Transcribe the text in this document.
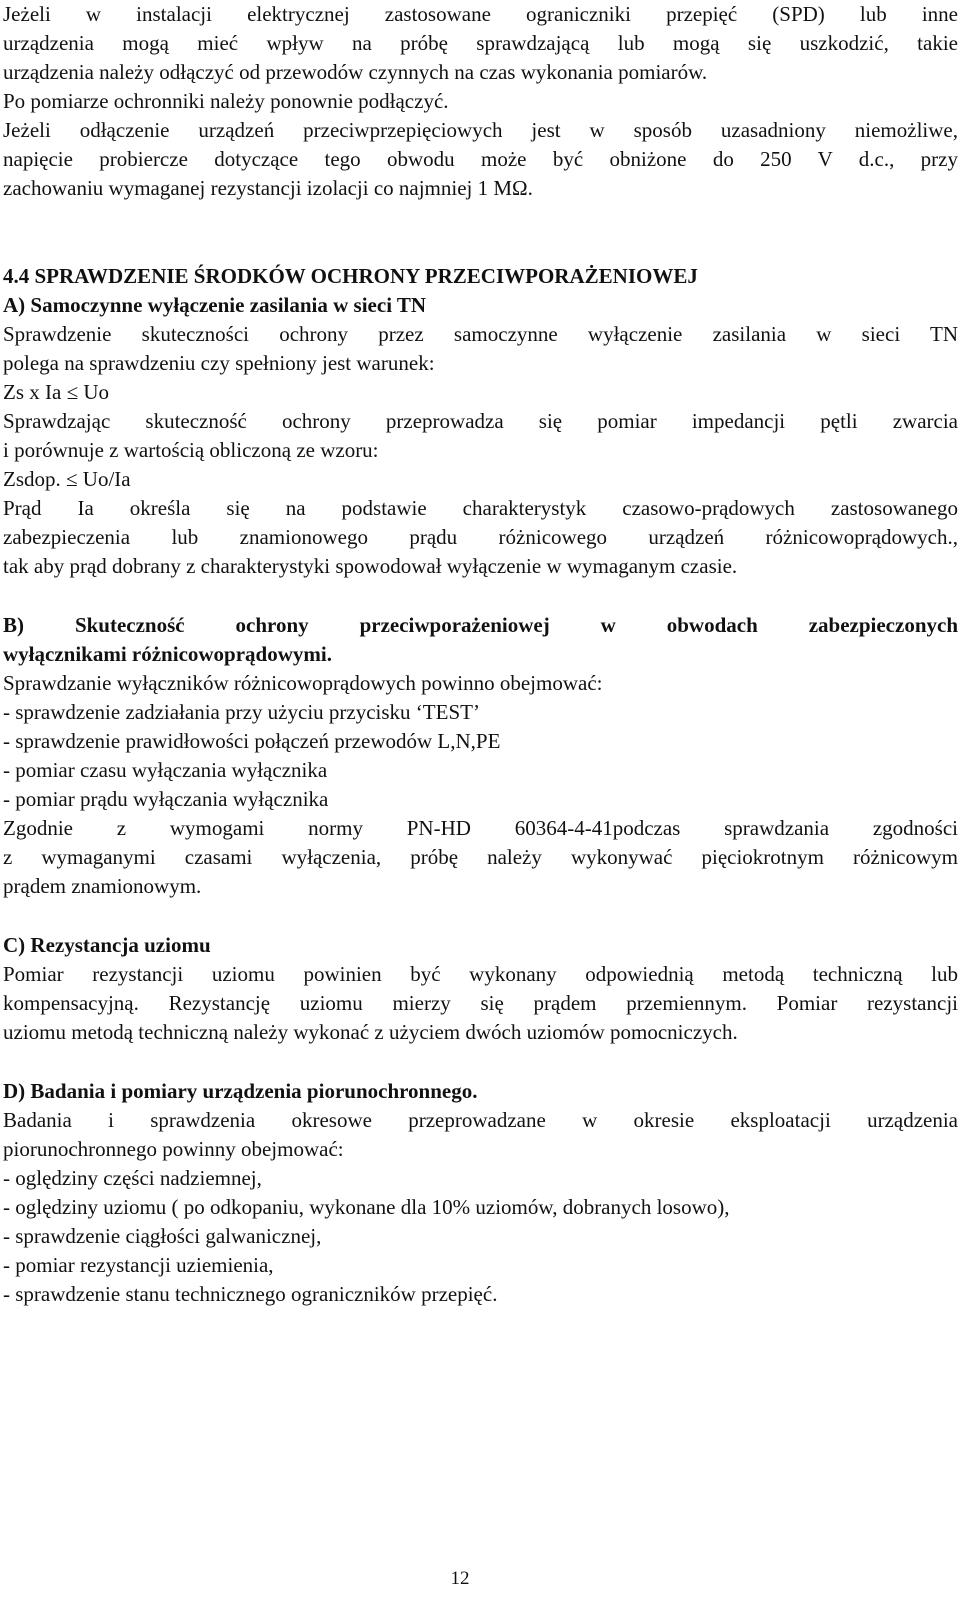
Jeżeli w instalacji elektrycznej zastosowane ograniczniki przepięć (SPD) lub inne
urządzenia mogą mieć wpływ na próbę sprawdzającą lub mogą się uszkodzić, takie
urządzenia należy odłączyć od przewodów czynnych na czas wykonania pomiarów.
Po pomiarze ochronniki należy ponownie podłączyć.
Jeżeli odłączenie urządzeń przeciwprzepięciowych jest w sposób uzasadniony niemożliwe,
napięcie probiercze dotyczące tego obwodu może być obniżone do 250 V d.c., przy
zachowaniu wymaganej rezystancji izolacji co najmniej 1 MΩ.
4.4 SPRAWDZENIE ŚRODKÓW OCHRONY PRZECIWPORAŻENIOWEJ
A) Samoczynne wyłączenie zasilania w sieci TN
Sprawdzenie skuteczności ochrony przez samoczynne wyłączenie zasilania w sieci TN
polega na sprawdzeniu czy spełniony jest warunek:
Zs x Ia ≤ Uo
Sprawdzając skuteczność ochrony przeprowadza się pomiar impedancji pętli zwarcia
i porównuje z wartością obliczoną ze wzoru:
Zsdop. ≤ Uo/Ia
Prąd Ia określa się na podstawie charakterystyk czasowo-prądowych zastosowanego
zabezpieczenia lub znamionowego prądu różnicowego urządzeń różnicowoprądowych.,
tak aby prąd dobrany z charakterystyki spowodował wyłączenie w wymaganym czasie.
B) Skuteczność ochrony przeciwporażeniowej w obwodach zabezpieczonych
wyłącznikami różnicowoprądowymi.
Sprawdzanie wyłączników różnicowoprądowych powinno obejmować:
- sprawdzenie zadziałania przy użyciu przycisku ‘TEST’
- sprawdzenie prawidłowości połączeń przewodów L,N,PE
- pomiar czasu wyłączania wyłącznika
- pomiar prądu wyłączania wyłącznika
Zgodnie z wymogami normy PN-HD 60364-4-41podczas sprawdzania zgodności
z wymaganymi czasami wyłączenia, próbę należy wykonywać pięciokrotnym różnicowym
prądem znamionowym.
C) Rezystancja uziomu
Pomiar rezystancji uziomu powinien być wykonany odpowiednią metodą techniczną lub
kompensacyjną. Rezystancję uziomu mierzy się prądem przemiennym. Pomiar rezystancji
uziomu metodą techniczną należy wykonać z użyciem dwóch uziomów pomocniczych.
D) Badania i pomiary urządzenia piorunochronnego.
Badania i sprawdzenia okresowe przeprowadzane w okresie eksploatacji urządzenia
piorunochronnego powinny obejmować:
- oględziny części nadziemnej,
- oględziny uziomu ( po odkopaniu, wykonane dla 10% uziomów, dobranych losowo),
- sprawdzenie ciągłości galwanicznej,
- pomiar rezystancji uziemienia,
- sprawdzenie stanu technicznego ograniczników przepięć.
12
